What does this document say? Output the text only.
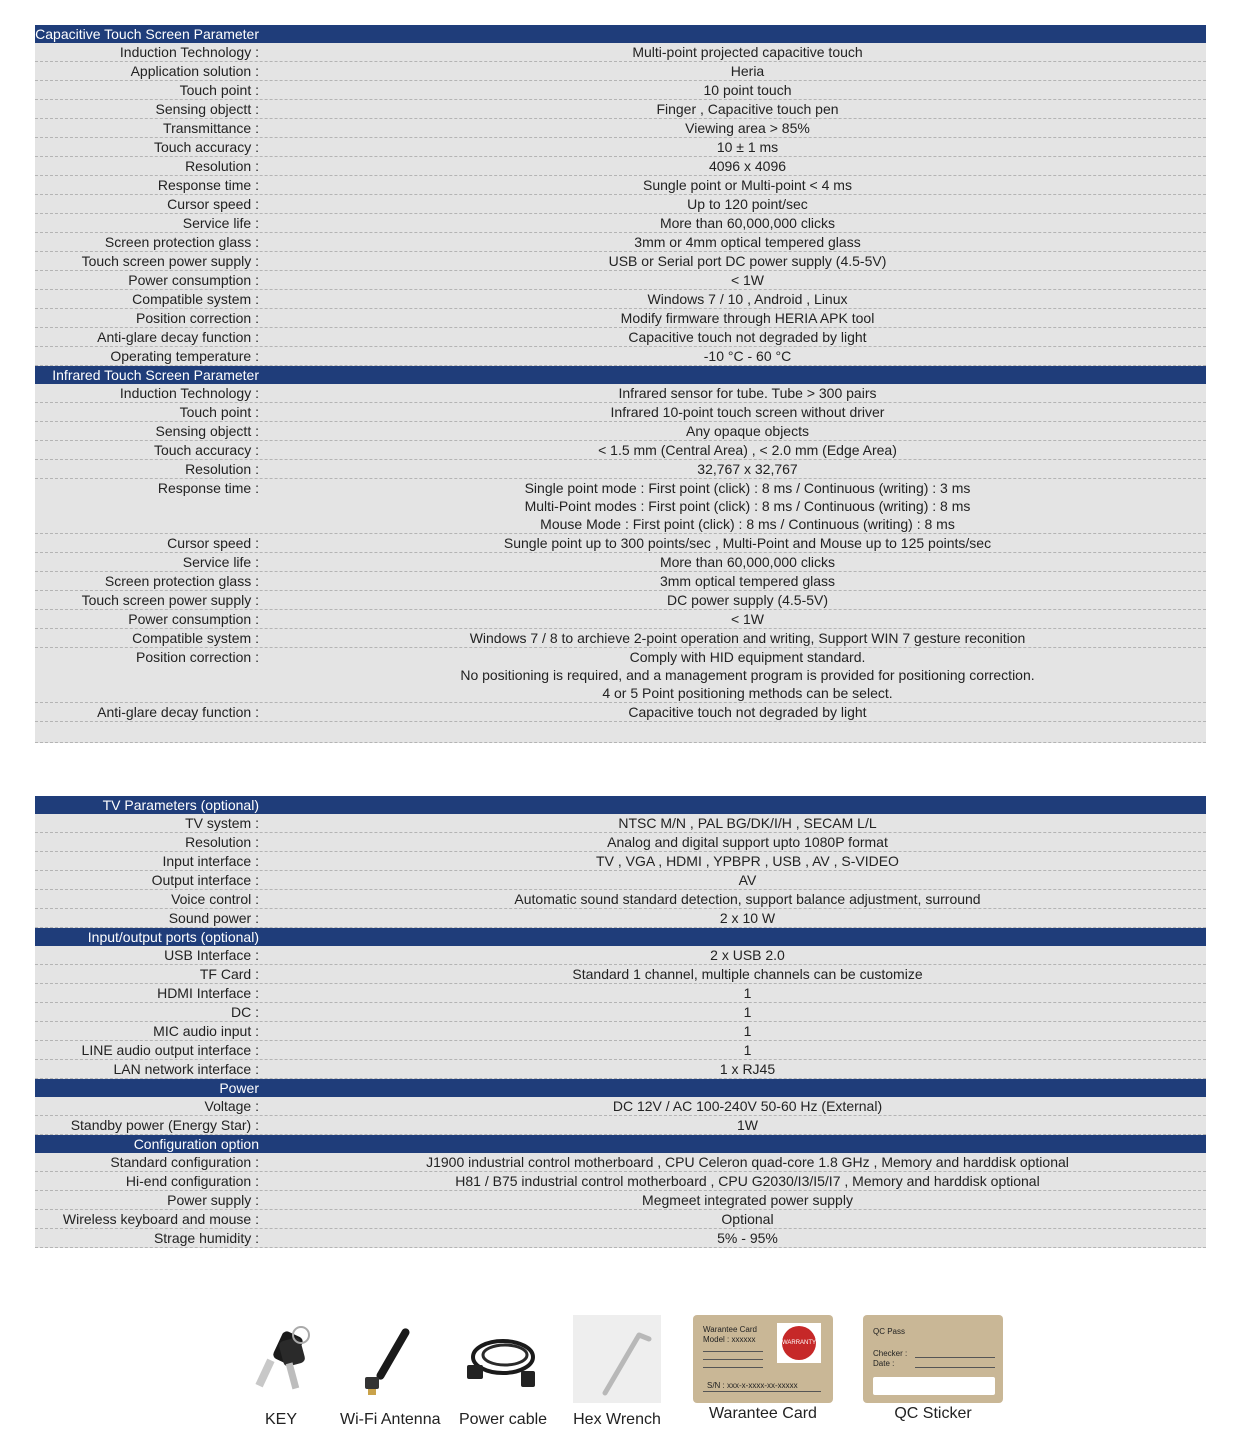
Capacitive Touch Screen Parameter
Induction Technology :	Multi-point projected capacitive touch
Application solution :	Heria
Touch point :	10 point touch
Sensing objectt :	Finger , Capacitive touch pen
Transmittance :	Viewing area > 85%
Touch accuracy :	10 ± 1 ms
Resolution :	4096 x 4096
Response time :	Sungle point or Multi-point < 4 ms
Cursor speed :	Up to 120 point/sec
Service life :	More than 60,000,000 clicks
Screen protection glass :	3mm or 4mm optical tempered glass
Touch screen power supply :	USB or Serial port DC power supply (4.5-5V)
Power consumption :	< 1W
Compatible system :	Windows 7 / 10 , Android , Linux
Position correction :	Modify firmware through HERIA APK tool
Anti-glare decay function :	Capacitive touch not degraded by light
Operating temperature :	-10 °C - 60 °C
Infrared Touch Screen Parameter
Induction Technology :	Infrared sensor for tube. Tube > 300 pairs
Touch point :	Infrared 10-point touch screen without driver
Sensing objectt :	Any opaque objects
Touch accuracy :	< 1.5 mm (Central Area) , < 2.0 mm (Edge Area)
Resolution :	32,767 x 32,767
Response time :	Single point mode : First point (click) : 8 ms / Continuous (writing) : 3 ms
Multi-Point modes : First point (click) : 8 ms / Continuous (writing) : 8 ms
Mouse Mode : First point (click) : 8 ms / Continuous (writing) : 8 ms
Cursor speed :	Sungle point up to 300 points/sec , Multi-Point and Mouse up to 125 points/sec
Service life :	More than 60,000,000 clicks
Screen protection glass :	3mm optical tempered glass
Touch screen power supply :	DC power supply (4.5-5V)
Power consumption :	< 1W
Compatible system :	Windows 7 / 8 to archieve 2-point operation and writing, Support WIN 7 gesture reconition
Position correction :	Comply with HID equipment standard.
No positioning is required, and a management program is provided for positioning correction.
4 or 5 Point positioning methods can be select.
Anti-glare decay function :	Capacitive touch not degraded by light
TV Parameters (optional)
TV system :	NTSC M/N , PAL BG/DK/I/H , SECAM L/L
Resolution :	Analog and digital support upto 1080P format
Input interface :	TV , VGA , HDMI , YPBPR , USB , AV , S-VIDEO
Output interface :	AV
Voice control :	Automatic sound standard detection, support balance adjustment, surround
Sound power :	2 x 10 W
Input/output ports (optional)
USB Interface :	2 x USB 2.0
TF Card :	Standard 1 channel, multiple channels can be customize
HDMI Interface :	1
DC :	1
MIC audio input :	1
LINE audio output interface :	1
LAN network interface :	1 x RJ45
Power
Voltage :	DC 12V / AC 100-240V 50-60 Hz (External)
Standby power (Energy Star) :	1W
Configuration option
Standard configuration :	J1900 industrial control motherboard , CPU Celeron quad-core 1.8 GHz , Memory and harddisk optional
Hi-end configuration :	H81 / B75 industrial control motherboard , CPU G2030/I3/I5/I7 , Memory and harddisk optional
Power supply :	Megmeet integrated power supply
Wireless keyboard and mouse :	Optional
Strage humidity :	5% - 95%
KEY	Wi-Fi Antenna Power cable Hex Wrench
Warantee Card
Model : xxxxxx	WARRANTY
S/N : xxx-x-xxxx-xx-xxxxx
Warantee Card
QC Pass
Checker :
Date :
QC Sticker
